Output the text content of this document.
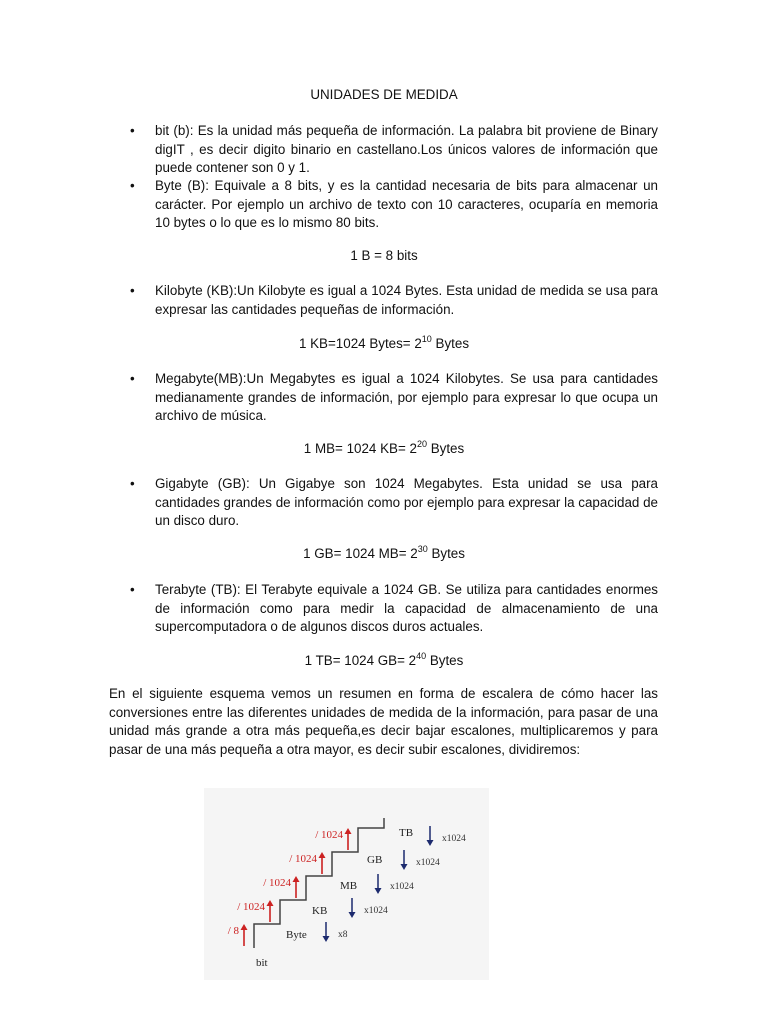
UNIDADES DE MEDIDA
• bit (b): Es la unidad más pequeña de información. La palabra bit proviene de Binary digIT , es decir digito binario en castellano.Los únicos valores de información que puede contener son 0 y 1.
• Byte (B): Equivale a 8 bits, y es la cantidad necesaria de bits para almacenar un carácter. Por ejemplo un archivo de texto con 10 caracteres, ocuparía en memoria 10 bytes o lo que es lo mismo 80 bits.
• Kilobyte (KB):Un Kilobyte es igual a 1024 Bytes. Esta unidad de medida se usa para expresar las cantidades pequeñas de información.
• Megabyte(MB):Un Megabytes es igual a 1024 Kilobytes. Se usa para cantidades medianamente grandes de información, por ejemplo para expresar lo que ocupa un archivo de música.
• Gigabyte (GB): Un Gigabye son 1024 Megabytes. Esta unidad se usa para cantidades grandes de información como por ejemplo para expresar la capacidad de un disco duro.
• Terabyte (TB): El Terabyte equivale a 1024 GB. Se utiliza para cantidades enormes de información como para medir la capacidad de almacenamiento de una supercomputadora o de algunos discos duros actuales.
1 B = 8 bits
1 KB=1024 Bytes= $2^{10}$ Bytes
1 MB= 1024 $KB= 2^{20}$ Bytes
1 GB= 1024 $MB= 2^{30}$ Bytes
1 TB= 1024 $GB= 2^{40}$ Bytes

En el siguiente esquema vemos un resumen en forma de escalera de cómo hacer las conversiones entre las diferentes unidades de medida de la información, para pasar de una unidad más grande a otra más pequeña,es decir bajar escalones, multiplicaremos y para pasar de una más pequeña a otra mayor, es decir subir escalones, dividiremos:

bit
Byte
KB
MB
GB
TB
/ 8
/ 1024
/ 1024
/ 1024
/ 1024
x8
x1024
x1024
x1024
x1024
